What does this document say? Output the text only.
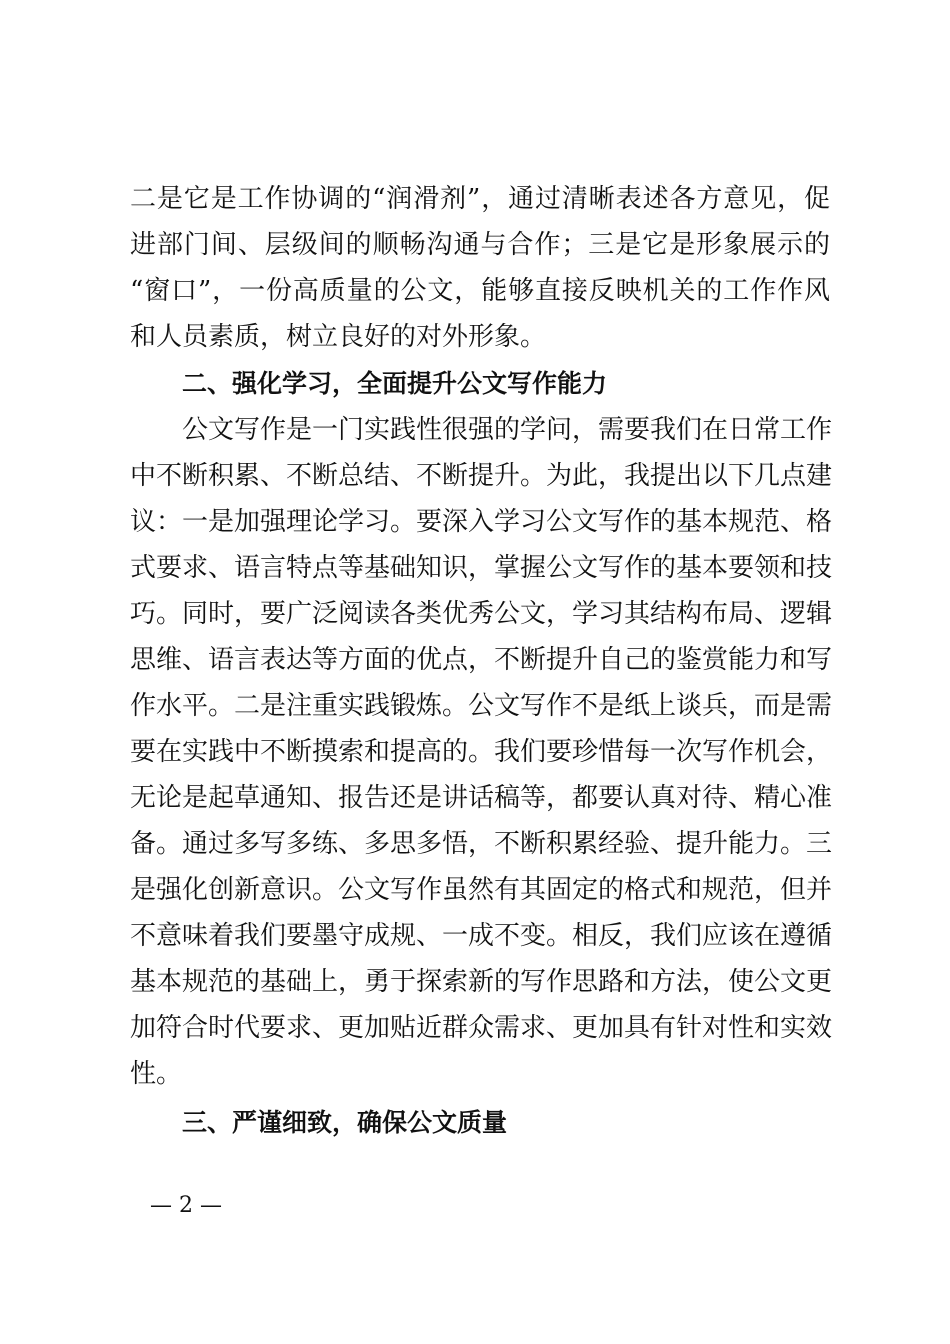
二是它是工作协调的“润滑剂”，通过清晰表述各方意见，促
进部门间、层级间的顺畅沟通与合作；三是它是形象展示的
“窗口”，一份高质量的公文，能够直接反映机关的工作作风
和人员素质，树立良好的对外形象。
二、强化学习，全面提升公文写作能力
公文写作是一门实践性很强的学问，需要我们在日常工作
中不断积累、不断总结、不断提升。为此，我提出以下几点建
议：一是加强理论学习。要深入学习公文写作的基本规范、格
式要求、语言特点等基础知识，掌握公文写作的基本要领和技
巧。同时，要广泛阅读各类优秀公文，学习其结构布局、逻辑
思维、语言表达等方面的优点，不断提升自己的鉴赏能力和写
作水平。二是注重实践锻炼。公文写作不是纸上谈兵，而是需
要在实践中不断摸索和提高的。我们要珍惜每一次写作机会，
无论是起草通知、报告还是讲话稿等，都要认真对待、精心准
备。通过多写多练、多思多悟，不断积累经验、提升能力。三
是强化创新意识。公文写作虽然有其固定的格式和规范，但并
不意味着我们要墨守成规、一成不变。相反，我们应该在遵循
基本规范的基础上，勇于探索新的写作思路和方法，使公文更
加符合时代要求、更加贴近群众需求、更加具有针对性和实效
性。
三、严谨细致，确保公文质量
— 2 —
